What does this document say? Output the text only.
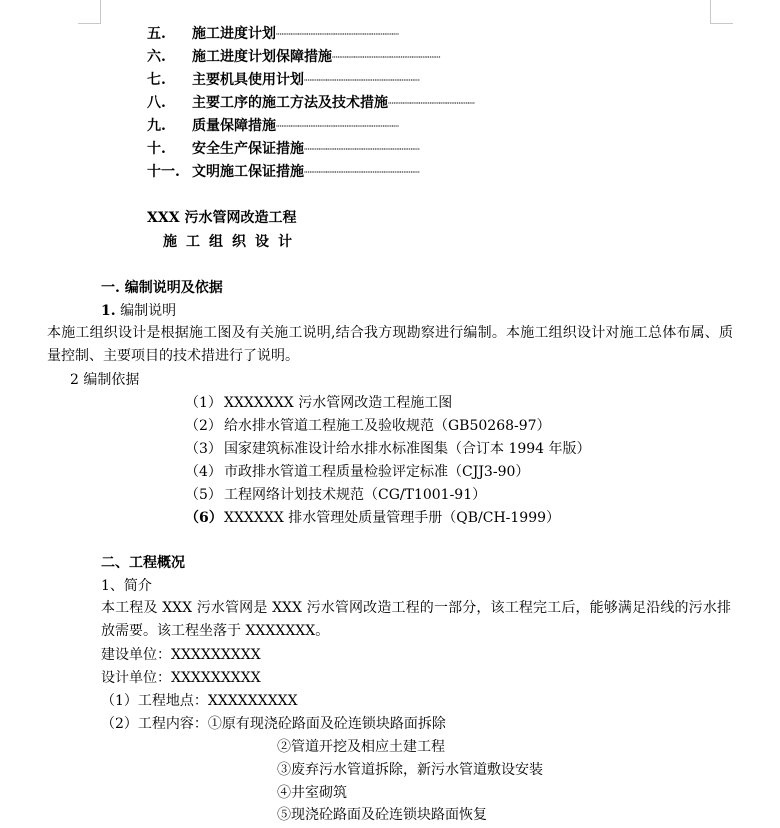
五. 施工进度计划┈┈┈┈┈┈┈┈┈┈┈┈┈┈┈┈┈
六. 施工进度计划保障措施┈┈┈┈┈┈┈┈┈┈┈┈┈┈┈
七. 主要机具使用计划┈┈┈┈┈┈┈┈┈┈┈┈┈┈┈┈
八. 主要工序的施工方法及技术措施┈┈┈┈┈┈┈┈┈┈┈┈
九. 质量保障措施┈┈┈┈┈┈┈┈┈┈┈┈┈┈┈┈┈
十. 安全生产保证措施┈┈┈┈┈┈┈┈┈┈┈┈┈┈┈┈
十一. 文明施工保证措施┈┈┈┈┈┈┈┈┈┈┈┈┈┈┈┈
XXX 污水管网改造工程
施工组织设计
一. 编制说明及依据
1. 编制说明
本施工组织设计是根据施工图及有关施工说明,结合我方现勘察进行编制。本施工组织设计对施工总体布属、质量控制、主要项目的技术措进行了说明。
2 编制依据
（1） XXXXXXX 污水管网改造工程施工图
（2） 给水排水管道工程施工及验收规范（GB50268-97）
（3） 国家建筑标准设计给水排水标准图集（合订本 1994 年版）
（4） 市政排水管道工程质量检验评定标准（CJJ3-90）
（5） 工程网络计划技术规范（CG/T1001-91）
（6） XXXXXX 排水管理处质量管理手册（QB/CH-1999）
二、工程概况
1、简介
本工程及 XXX 污水管网是 XXX 污水管网改造工程的一部分，该工程完工后，能够满足沿线的污水排放需要。该工程坐落于 XXXXXXX。
建设单位：XXXXXXXXX
设计单位：XXXXXXXXX
（1）工程地点：XXXXXXXXX
（2）工程内容：①原有现浇砼路面及砼连锁块路面拆除
②管道开挖及相应土建工程
③废弃污水管道拆除，新污水管道敷设安装
④井室砌筑
⑤现浇砼路面及砼连锁块路面恢复
